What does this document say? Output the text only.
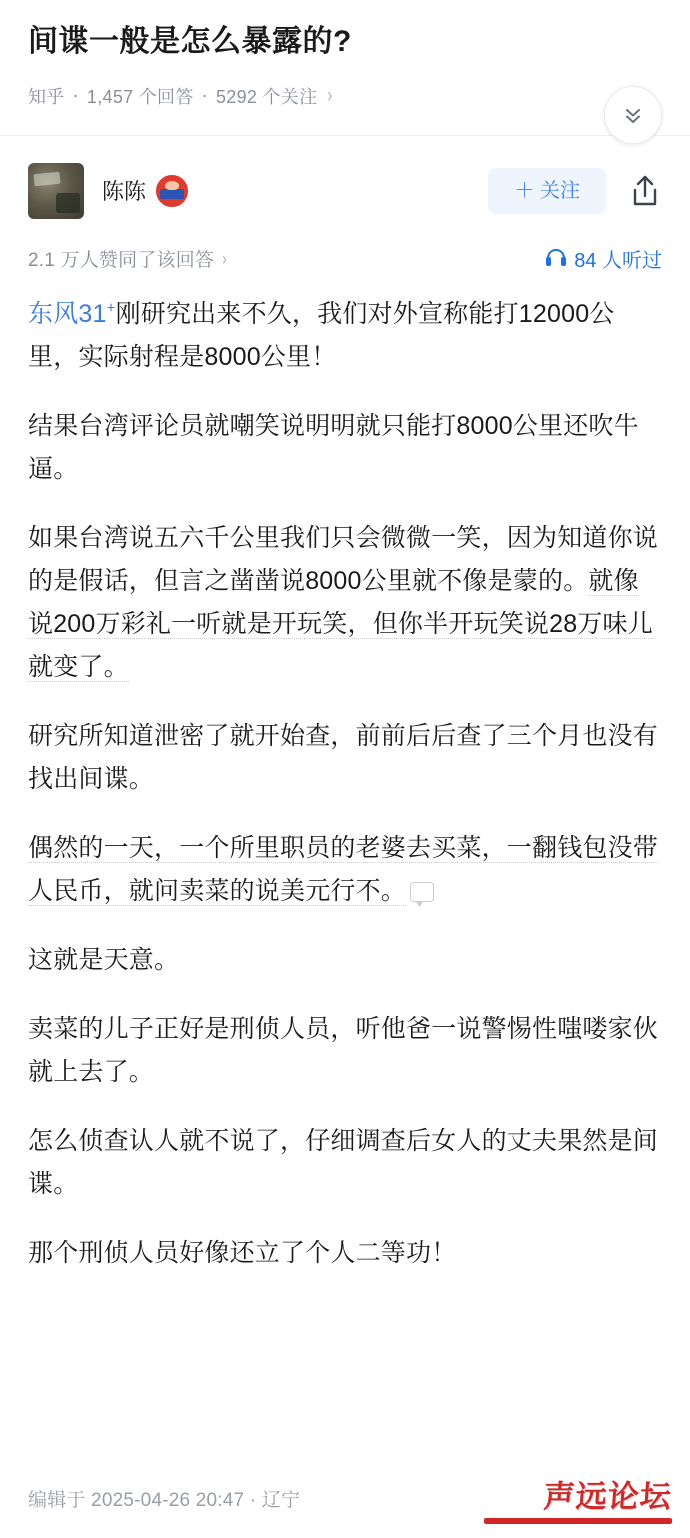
间谍一般是怎么暴露的?
知乎 · 1,457 个回答 · 5292 个关注 ›
陈陈	＋ 关注
2.1 万人赞同了该回答 ›	84 人听过

东风31+刚研究出来不久，我们对外宣称能打12000公里，实际射程是8000公里！

结果台湾评论员就嘲笑说明明就只能打8000公里还吹牛逼。

如果台湾说五六千公里我们只会微微一笑，因为知道你说的是假话，但言之凿凿说8000公里就不像是蒙的。就像说200万彩礼一听就是开玩笑，但你半开玩笑说28万味儿就变了。

研究所知道泄密了就开始查，前前后后查了三个月也没有找出间谍。

偶然的一天，一个所里职员的老婆去买菜，一翻钱包没带人民币，就问卖菜的说美元行不。

这就是天意。

卖菜的儿子正好是刑侦人员，听他爸一说警惕性嗤喽家伙就上去了。

怎么侦查认人就不说了，仔细调查后女人的丈夫果然是间谍。

那个刑侦人员好像还立了个人二等功！

编辑于 2025-04-26 20:47 · 辽宁	声远论坛
